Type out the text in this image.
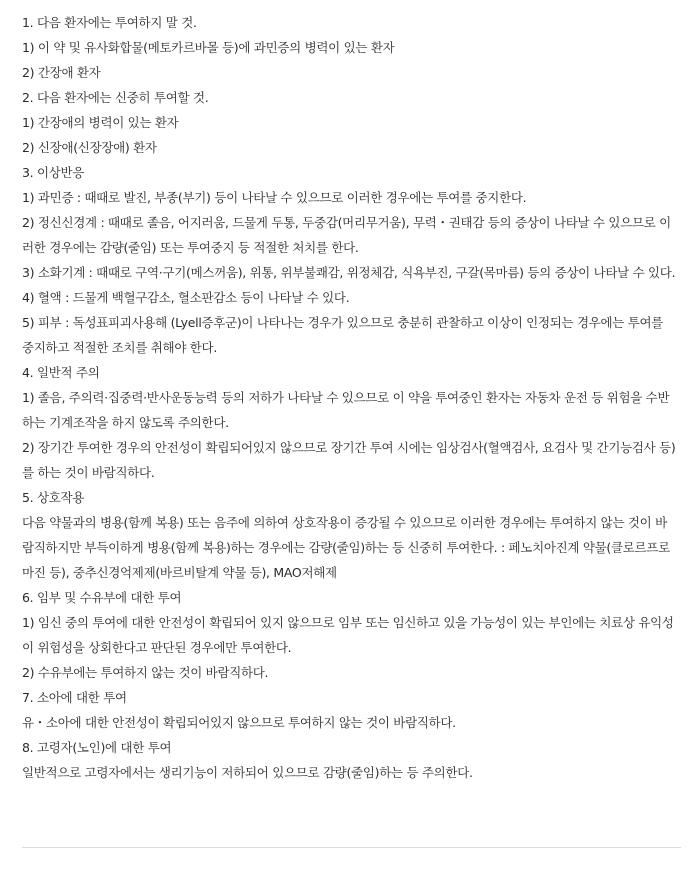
1. 다음 환자에는 투여하지 말 것.

1) 이 약 및 유사화합물(메토카르바몰 등)에 과민증의 병력이 있는 환자

2) 간장애 환자

2. 다음 환자에는 신중히 투여할 것.

1) 간장애의 병력이 있는 환자

2) 신장애(신장장애) 환자

3. 이상반응

1) 과민증 : 때때로 발진, 부종(부기) 등이 나타날 수 있으므로 이러한 경우에는 투여를 중지한다.

2) 정신신경계 : 때때로 졸음, 어지러움, 드물게 두통, 두중감(머리무거움), 무력・권태감 등의 증상이 나타날 수 있으므로 이러한 경우에는 감량(줄임) 또는 투여중지 등 적절한 처치를 한다.

3) 소화기계 : 때때로 구역·구기(메스꺼움), 위통, 위부불쾌감, 위정체감, 식욕부진, 구갈(목마름) 등의 증상이 나타날 수 있다.

4) 혈액 : 드물게 백혈구감소, 혈소판감소 등이 나타날 수 있다.

5) 피부 : 독성표피괴사용해 (Lyell증후군)이 나타나는 경우가 있으므로 충분히 관찰하고 이상이 인정되는 경우에는 투여를 중지하고 적절한 조치를 취해야 한다.

4. 일반적 주의

1) 졸음, 주의력·집중력·반사운동능력 등의 저하가 나타날 수 있으므로 이 약을 투여중인 환자는 자동차 운전 등 위험을 수반하는 기계조작을 하지 않도록 주의한다.

2) 장기간 투여한 경우의 안전성이 확립되어있지 않으므로 장기간 투여 시에는 임상검사(혈액검사, 요검사 및 간기능검사 등)를 하는 것이 바람직하다.

5. 상호작용

다음 약물과의 병용(함께 복용) 또는 음주에 의하여 상호작용이 증강될 수 있으므로 이러한 경우에는 투여하지 않는 것이 바람직하지만 부득이하게 병용(함께 복용)하는 경우에는 감량(줄임)하는 등 신중히 투여한다. : 페노치아진계 약물(클로르프로마진 등), 중추신경억제제(바르비탈계 약물 등), MAO저해제

6. 임부 및 수유부에 대한 투여

1) 임신 중의 투여에 대한 안전성이 확립되어 있지 않으므로 임부 또는 임신하고 있을 가능성이 있는 부인에는 치료상 유익성이 위험성을 상회한다고 판단된 경우에만 투여한다.

2) 수유부에는 투여하지 않는 것이 바람직하다.

7. 소아에 대한 투여

유・소아에 대한 안전성이 확립되어있지 않으므로 투여하지 않는 것이 바람직하다.

8. 고령자(노인)에 대한 투여

일반적으로 고령자에서는 생리기능이 저하되어 있으므로 감량(줄임)하는 등 주의한다.
